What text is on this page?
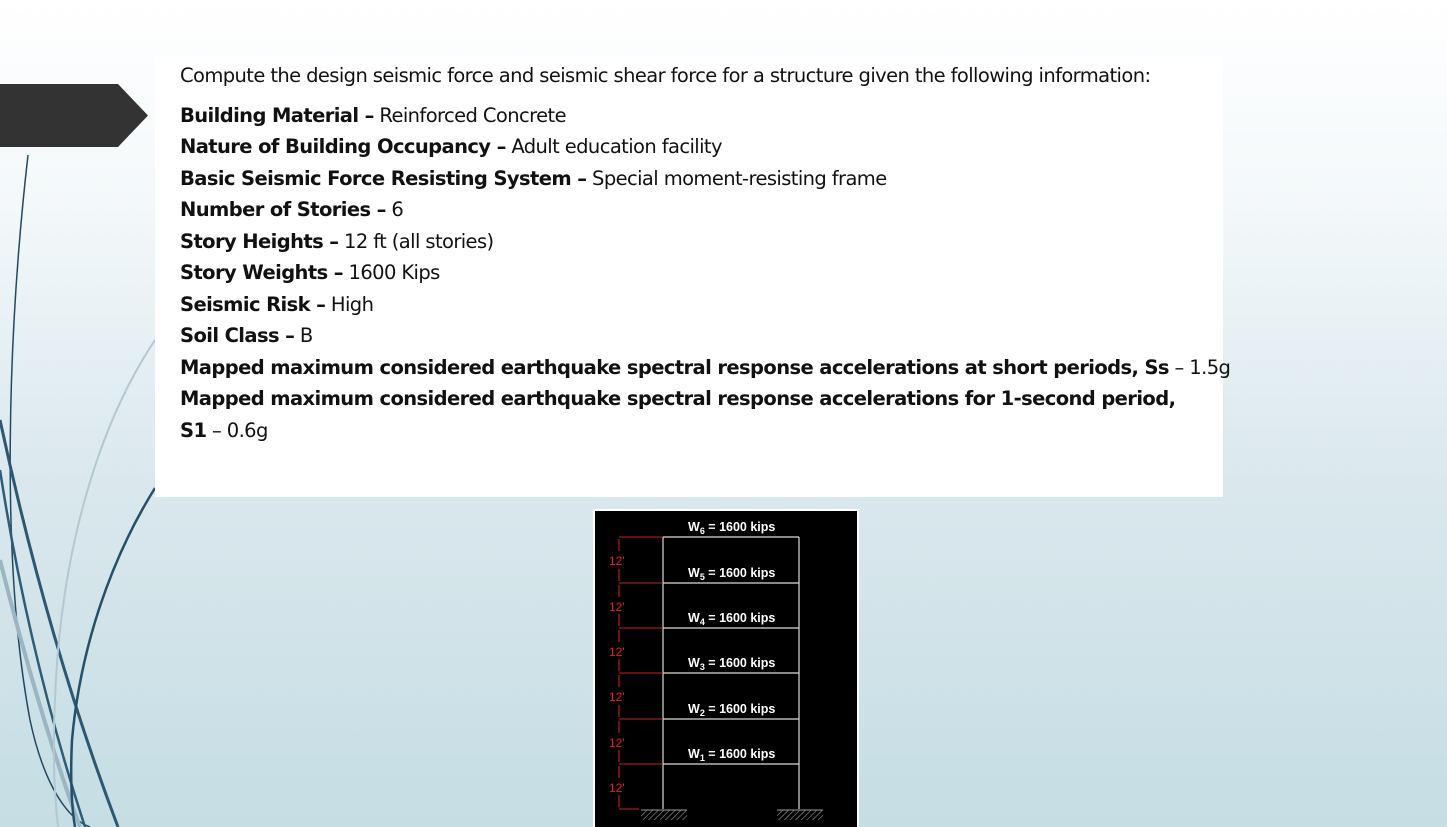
Compute the design seismic force and seismic shear force for a structure given the following information:

Building Material – Reinforced Concrete

Nature of Building Occupancy – Adult education facility

Basic Seismic Force Resisting System – Special moment-resisting frame

Number of Stories – 6

Story Heights – 12 ft (all stories)

Story Weights – 1600 Kips

Seismic Risk – High

Soil Class – B

Mapped maximum considered earthquake spectral response accelerations at short periods, Ss – 1.5g

Mapped maximum considered earthquake spectral response accelerations for 1-second period, S1 – 0.6g

12'
12'
12'
12'
12'
12'
$W_6 = 1600$ kips
$W_5 = 1600$ kips
$W_4 = 1600$ kips
$W_3 = 1600$ kips
$W_2 = 1600$ kips
$W_1 = 1600$ kips
